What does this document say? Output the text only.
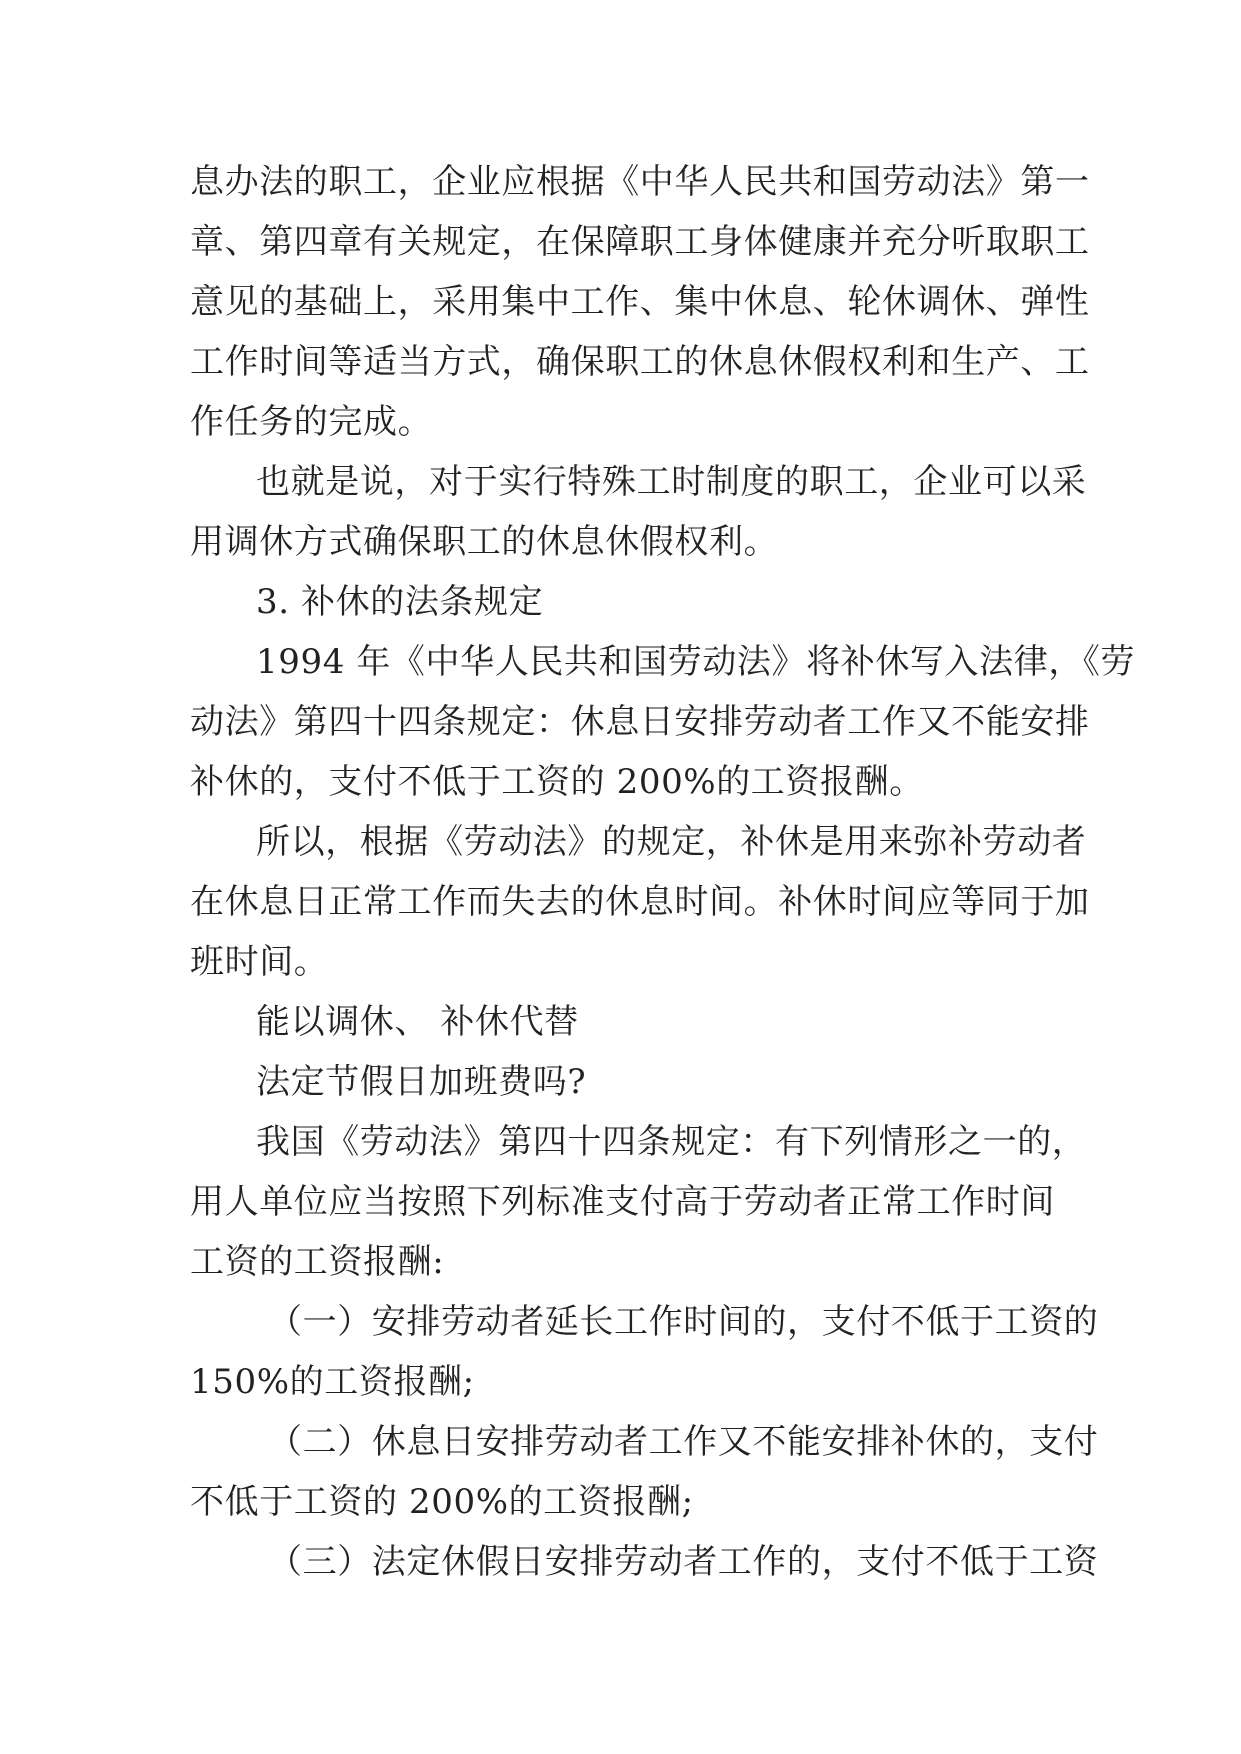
息办法的职工，企业应根据《中华人民共和国劳动法》第一
章、第四章有关规定，在保障职工身体健康并充分听取职工
意见的基础上，采用集中工作、集中休息、轮休调休、弹性
工作时间等适当方式，确保职工的休息休假权利和生产、工
作任务的完成。
也就是说，对于实行特殊工时制度的职工，企业可以采
用调休方式确保职工的休息休假权利。
3. 补休的法条规定
1994 年《中华人民共和国劳动法》将补休写入法律，《劳
动法》第四十四条规定：休息日安排劳动者工作又不能安排
补休的，支付不低于工资的 200%的工资报酬。
所以，根据《劳动法》的规定，补休是用来弥补劳动者
在休息日正常工作而失去的休息时间。补休时间应等同于加
班时间。
能以调休、 补休代替
法定节假日加班费吗?
我国《劳动法》第四十四条规定：有下列情形之一的，
用人单位应当按照下列标准支付高于劳动者正常工作时间
工资的工资报酬:
（一）安排劳动者延长工作时间的，支付不低于工资的
150%的工资报酬;
（二）休息日安排劳动者工作又不能安排补休的，支付
不低于工资的 200%的工资报酬;
（三）法定休假日安排劳动者工作的，支付不低于工资
